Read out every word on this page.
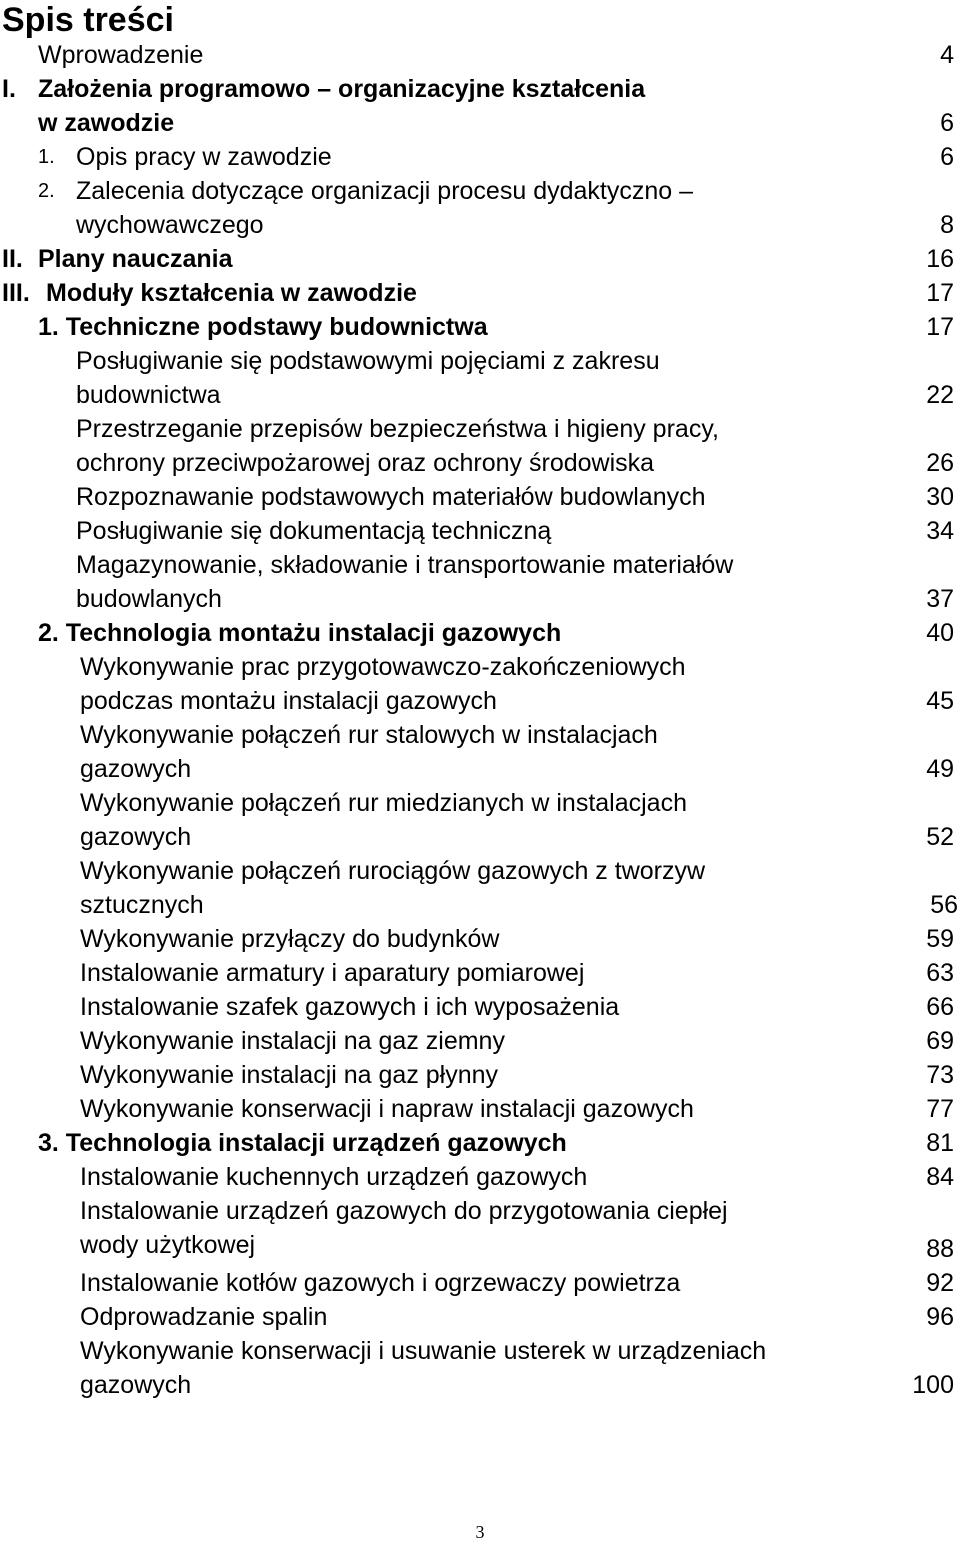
Spis treści
Wprowadzenie	4
I. Założenia programowo – organizacyjne kształcenia
w zawodzie	6
1. Opis pracy w zawodzie	6
2. Zalecenia dotyczące organizacji procesu dydaktyczno –
wychowawczego	8
II. Plany nauczania	16
III. Moduły kształcenia w zawodzie	17
1. Techniczne podstawy budownictwa	17
Posługiwanie się podstawowymi pojęciami z zakresu
budownictwa	22
Przestrzeganie przepisów bezpieczeństwa i higieny pracy,
ochrony przeciwpożarowej oraz ochrony środowiska	26
Rozpoznawanie podstawowych materiałów budowlanych	30
Posługiwanie się dokumentacją techniczną	34
Magazynowanie, składowanie i transportowanie materiałów
budowlanych	37
2. Technologia montażu instalacji gazowych	40
Wykonywanie prac przygotowawczo-zakończeniowych
podczas montażu instalacji gazowych	45
Wykonywanie połączeń rur stalowych w instalacjach
gazowych	49
Wykonywanie połączeń rur miedzianych w instalacjach
gazowych	52
Wykonywanie połączeń rurociągów gazowych z tworzyw
sztucznych	56
Wykonywanie przyłączy do budynków	59
Instalowanie armatury i aparatury pomiarowej	63
Instalowanie szafek gazowych i ich wyposażenia	66
Wykonywanie instalacji na gaz ziemny	69
Wykonywanie instalacji na gaz płynny	73
Wykonywanie konserwacji i napraw instalacji gazowych	77
3. Technologia instalacji urządzeń gazowych	81
Instalowanie kuchennych urządzeń gazowych	84
Instalowanie urządzeń gazowych do przygotowania ciepłej
wody użytkowej	88
Instalowanie kotłów gazowych i ogrzewaczy powietrza	92
Odprowadzanie spalin	96
Wykonywanie konserwacji i usuwanie usterek w urządzeniach
gazowych	100
3
